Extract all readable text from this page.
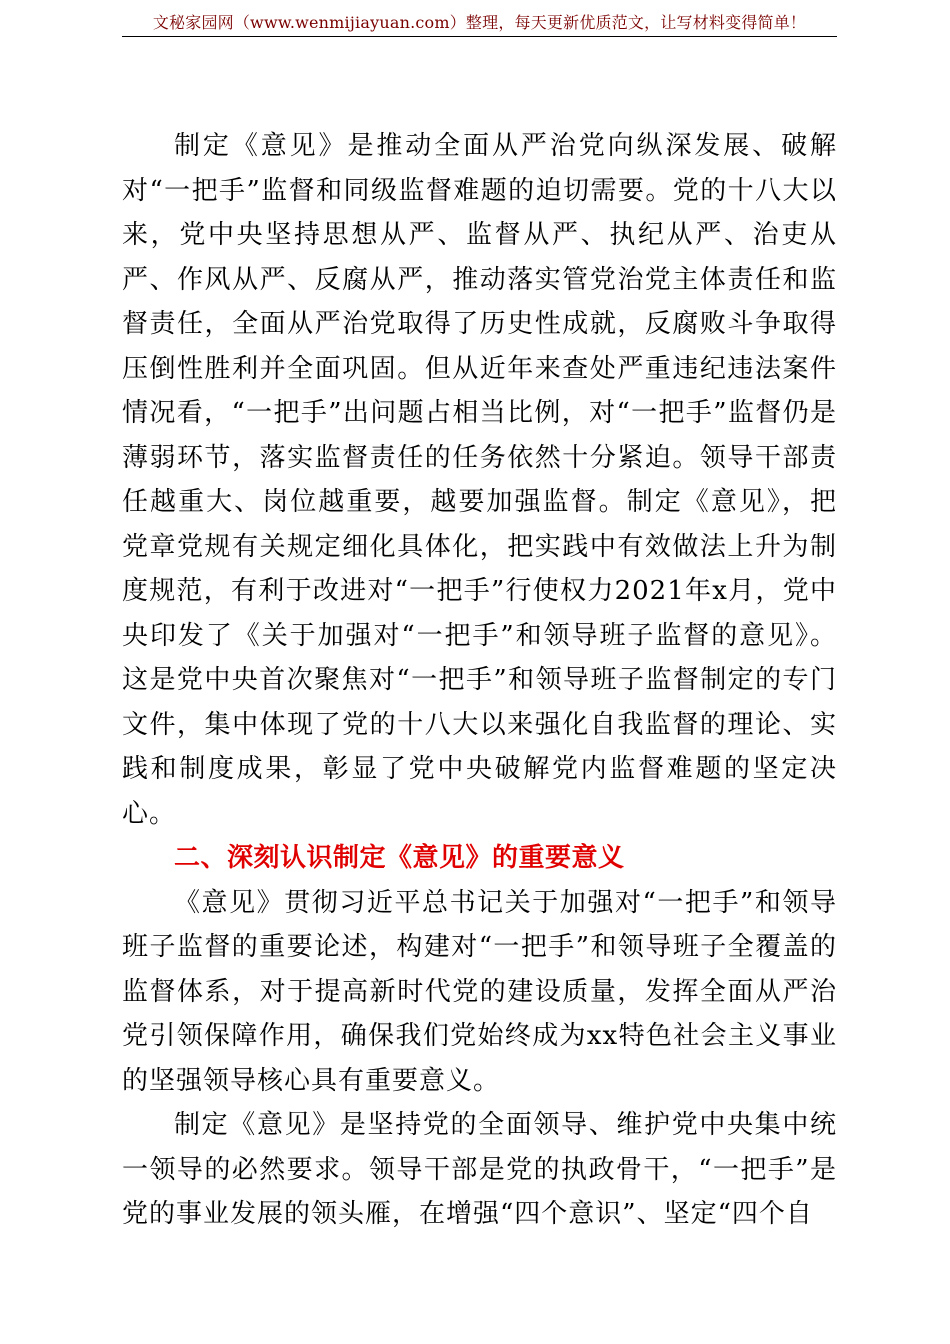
文秘家园网（www.wenmijiayuan.com）整理，每天更新优质范文，让写材料变得简单！

制定《意见》是推动全面从严治党向纵深发展、破解对“一把手”监督和同级监督难题的迫切需要。党的十八大以来，党中央坚持思想从严、监督从严、执纪从严、治吏从严、作风从严、反腐从严，推动落实管党治党主体责任和监督责任，全面从严治党取得了历史性成就，反腐败斗争取得压倒性胜利并全面巩固。但从近年来查处严重违纪违法案件情况看，“一把手”出问题占相当比例，对“一把手”监督仍是薄弱环节，落实监督责任的任务依然十分紧迫。领导干部责任越重大、岗位越重要，越要加强监督。制定《意见》，把党章党规有关规定细化具体化，把实践中有效做法上升为制度规范，有利于改进对“一把手”行使权力2021年x月，党中央印发了《关于加强对“一把手”和领导班子监督的意见》。这是党中央首次聚焦对“一把手”和领导班子监督制定的专门文件，集中体现了党的十八大以来强化自我监督的理论、实践和制度成果，彰显了党中央破解党内监督难题的坚定决心。

二、深刻认识制定《意见》的重要意义

《意见》贯彻习近平总书记关于加强对“一把手”和领导班子监督的重要论述，构建对“一把手”和领导班子全覆盖的监督体系，对于提高新时代党的建设质量，发挥全面从严治党引领保障作用，确保我们党始终成为xx特色社会主义事业的坚强领导核心具有重要意义。

制定《意见》是坚持党的全面领导、维护党中央集中统一领导的必然要求。领导干部是党的执政骨干，“一把手”是党的事业发展的领头雁，在增强“四个意识”、坚定“四个自
